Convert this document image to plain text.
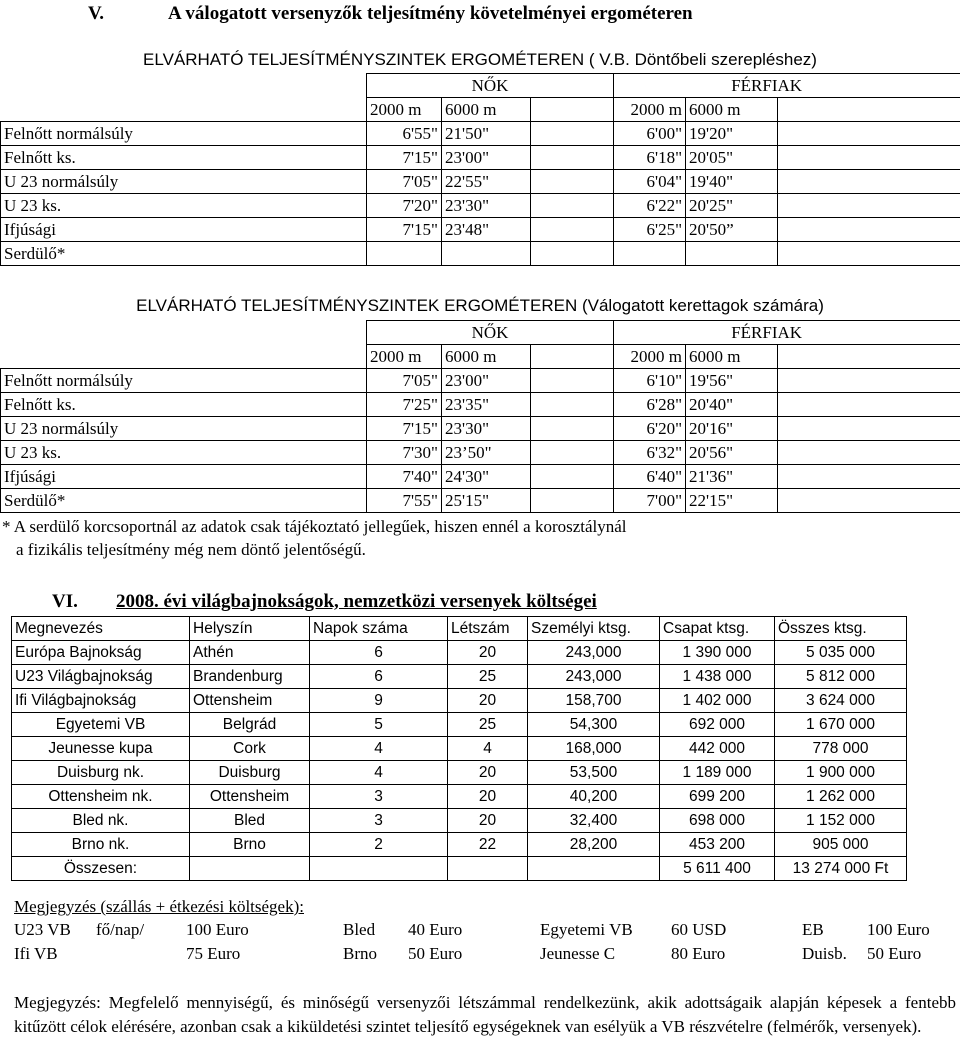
V.	A válogatott versenyzők teljesítmény követelményei ergométeren
ELVÁRHATÓ TELJESÍTMÉNYSZINTEK ERGOMÉTEREN ( V.B. Döntőbeli szerepléshez)
	NŐK			FÉRFIAK		
	2000 m	6000 m		2000 m	6000 m	
Felnőtt normálsúly	6'55"	21'50"		6'00"	19'20"	
Felnőtt ks.	7'15"	23'00"		6'18"	20'05"	
U 23 normálsúly	7'05"	22'55"		6'04"	19'40"	
U 23 ks.	7'20"	23'30"		6'22"	20'25"	
Ifjúsági	7'15"	23'48"		6'25"	20'50”	
Serdülő*						
ELVÁRHATÓ TELJESÍTMÉNYSZINTEK ERGOMÉTEREN (Válogatott kerettagok számára)
	NŐK			FÉRFIAK		
	2000 m	6000 m		2000 m	6000 m	
Felnőtt normálsúly	7'05"	23'00"		6'10"	19'56"	
Felnőtt ks.	7'25"	23'35"		6'28"	20'40"	
U 23 normálsúly	7'15"	23'30"		6'20"	20'16"	
U 23 ks.	7'30"	23’50"		6'32"	20'56"	
Ifjúsági	7'40"	24'30"		6'40"	21'36"	
Serdülő*	7'55"	25'15"		7'00"	22'15"	
* A serdülő korcsoportnál az adatok csak tájékoztató jellegűek, hiszen ennél a korosztálynál
a fizikális teljesítmény még nem döntő jelentőségű.
VI. 2008. évi világbajnokságok, nemzetközi versenyek költségei
Megnevezés	Helyszín	Napok száma	Létszám	Személyi ktsg.	Csapat ktsg.	Összes ktsg.
Európa Bajnokság	Athén	6	20	243,000	1 390 000	5 035 000
U23 Világbajnokság	Brandenburg	6	25	243,000	1 438 000	5 812 000
Ifi Világbajnokság	Ottensheim	9	20	158,700	1 402 000	3 624 000
Egyetemi VB	Belgrád	5	25	54,300	692 000	1 670 000
Jeunesse kupa	Cork	4	4	168,000	442 000	778 000
Duisburg nk.	Duisburg	4	20	53,500	1 189 000	1 900 000
Ottensheim nk.	Ottensheim	3	20	40,200	699 200	1 262 000
Bled nk.	Bled	3	20	32,400	698 000	1 152 000
Brno nk.	Brno	2	22	28,200	453 200	905 000
Összesen:					5 611 400	13 274 000 Ft
Megjegyzés (szállás + étkezési költségek):
U23 VB fő/nap/ 100 Euro	Bled 40 Euro	Egyetemi VB 60 USD	EB	100 Euro
Ifi VB	75 Euro	Brno 50 Euro	Jeunesse C	80 Euro	Duisb. 50 Euro
Megjegyzés: Megfelelő mennyiségű, és minőségű versenyzői létszámmal rendelkezünk, akik adottságaik alapján képesek a fentebb kitűzött célok elérésére, azonban csak a kiküldetési szintet teljesítő egységeknek van esélyük a VB részvételre (felmérők, versenyek).
